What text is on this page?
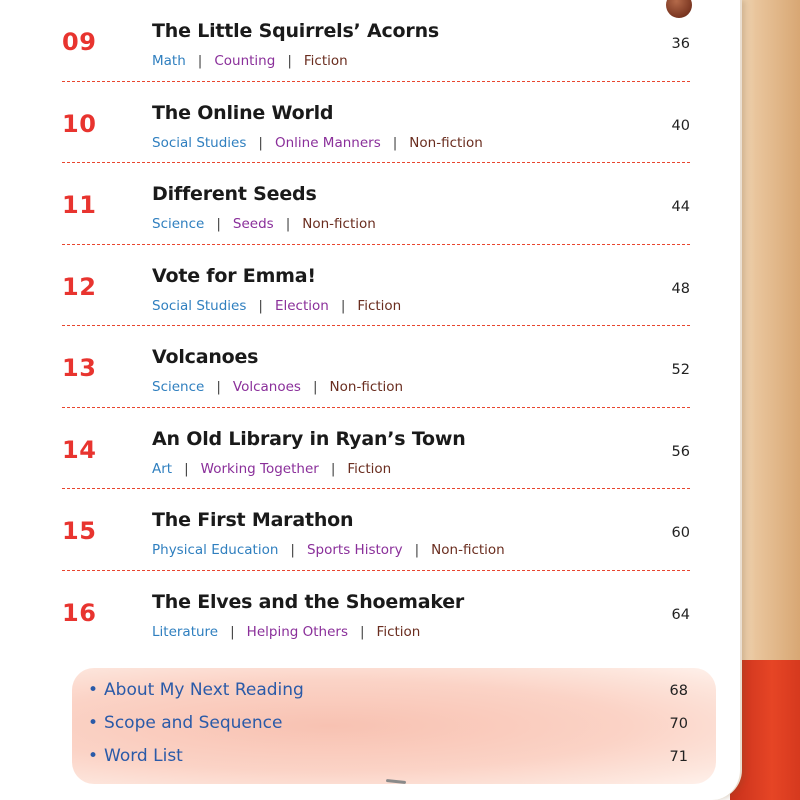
09	The Little Squirrels’ Acorns
Math | Counting | Fiction
36
10	The Online World
Social Studies | Online Manners | Non-fiction
40
11	Different Seeds
Science | Seeds | Non-fiction
44
12	Vote for Emma!
Social Studies | Election | Fiction
48
13	Volcanoes
Science | Volcanoes | Non-fiction
52
14	An Old Library in Ryan’s Town
Art | Working Together | Fiction
56
15	The First Marathon
Physical Education | Sports History | Non-fiction
60
16	The Elves and the Shoemaker
Literature | Helping Others | Fiction
64
• About My Next Reading	68
• Scope and Sequence	70
• Word List	71
